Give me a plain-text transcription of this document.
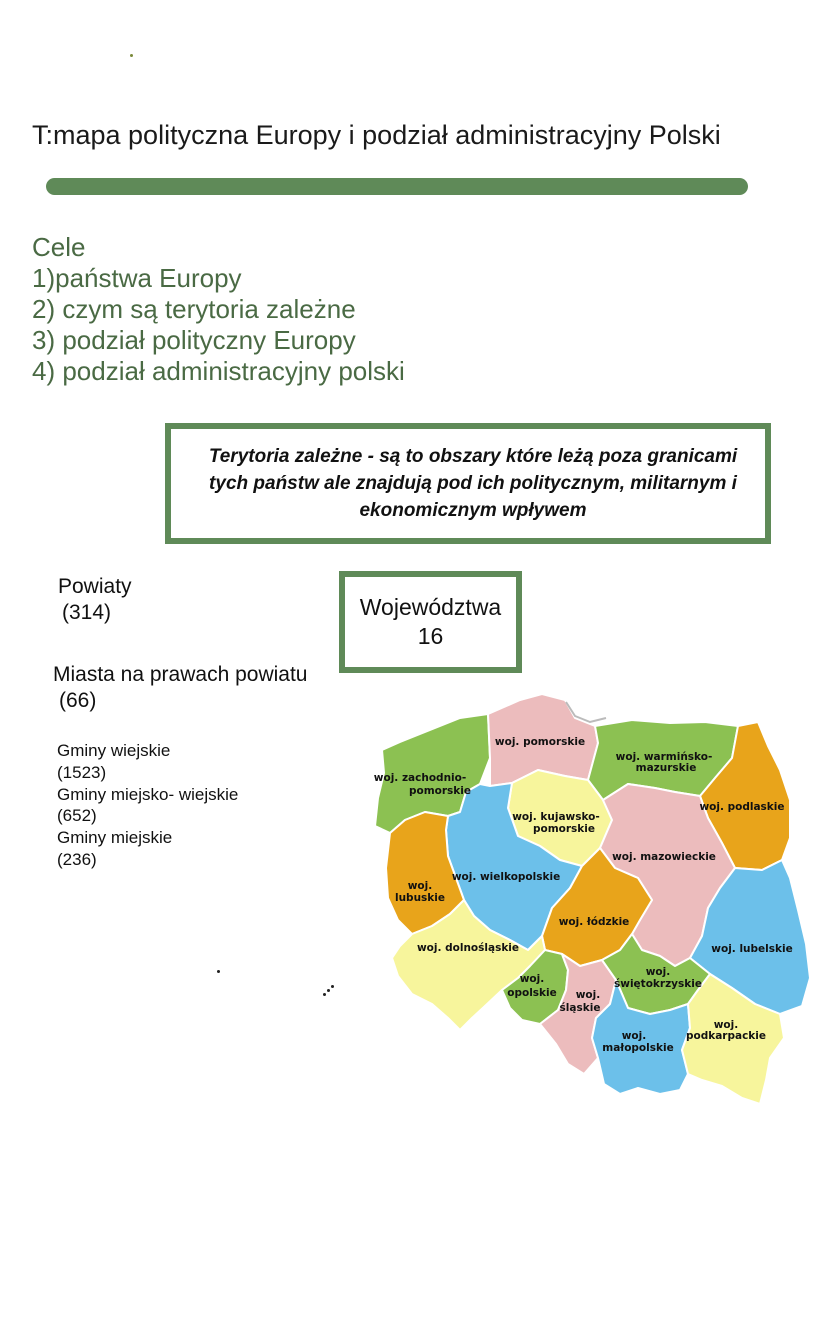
T:mapa polityczna Europy i podział administracyjny Polski
Cele
1)państwa Europy
2) czym są terytoria zależne
3) podział polityczny Europy
4) podział administracyjny polski
Terytoria zależne - są to obszary które leżą poza granicami tych państw ale znajdują pod ich politycznym, militarnym i ekonomicznym wpływem
Powiaty
(314)	Województwa
16
Miasta na prawach powiatu
(66)
Gminy wiejskie
(1523)
Gminy miejsko- wiejskie
(652)
Gminy miejskie
(236)
woj. pomorskie
woj. zachodnio-
pomorskie
woj. warmińsko-
mazurskie
woj. podlaskie
woj. kujawsko-
pomorskie
woj. wielkopolskie
woj.
lubuskie
woj. mazowieckie
woj. łódzkie
woj. lubelskie
woj. dolnośląskie
woj.
opolskie woj.
śląskie
woj.
świętokrzyskie
woj.
małopolskie
woj.
podkarpackie
